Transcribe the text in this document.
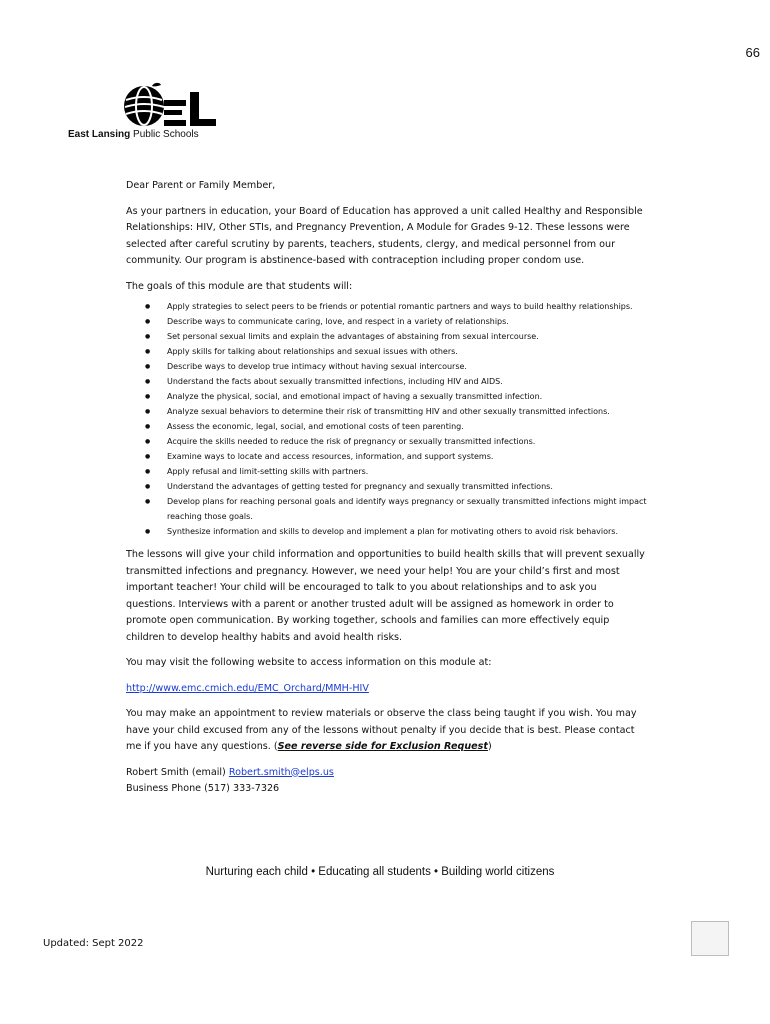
66
East Lansing Public Schools

Dear Parent or Family Member,

As your partners in education, your Board of Education has approved a unit called Healthy and Responsible Relationships: HIV, Other STIs, and Pregnancy Prevention, A Module for Grades 9-12. These lessons were selected after careful scrutiny by parents, teachers, students, clergy, and medical personnel from our community. Our program is abstinence-based with contraception including proper condom use.

The goals of this module are that students will:

● Apply strategies to select peers to be friends or potential romantic partners and ways to build healthy relationships.
● Describe ways to communicate caring, love, and respect in a variety of relationships.
● Set personal sexual limits and explain the advantages of abstaining from sexual intercourse.
● Apply skills for talking about relationships and sexual issues with others.
● Describe ways to develop true intimacy without having sexual intercourse.
● Understand the facts about sexually transmitted infections, including HIV and AIDS.
● Analyze the physical, social, and emotional impact of having a sexually transmitted infection.
● Analyze sexual behaviors to determine their risk of transmitting HIV and other sexually transmitted infections.
● Assess the economic, legal, social, and emotional costs of teen parenting.
● Acquire the skills needed to reduce the risk of pregnancy or sexually transmitted infections.
● Examine ways to locate and access resources, information, and support systems.
● Apply refusal and limit-setting skills with partners.
● Understand the advantages of getting tested for pregnancy and sexually transmitted infections.
● Develop plans for reaching personal goals and identify ways pregnancy or sexually transmitted infections might impact reaching those goals.
● Synthesize information and skills to develop and implement a plan for motivating others to avoid risk behaviors.

The lessons will give your child information and opportunities to build health skills that will prevent sexually transmitted infections and pregnancy. However, we need your help! You are your child’s first and most important teacher! Your child will be encouraged to talk to you about relationships and to ask you questions. Interviews with a parent or another trusted adult will be assigned as homework in order to promote open communication. By working together, schools and families can more effectively equip children to develop healthy habits and avoid health risks.

You may visit the following website to access information on this module at:

http://www.emc.cmich.edu/EMC_Orchard/MMH-HIV

You may make an appointment to review materials or observe the class being taught if you wish. You may have your child excused from any of the lessons without penalty if you decide that is best. Please contact me if you have any questions. (See reverse side for Exclusion Request)

Robert Smith (email) Robert.smith@elps.us

Business Phone (517) 333-7326

Nurturing each child • Educating all students • Building world citizens
Updated: Sept 2022
